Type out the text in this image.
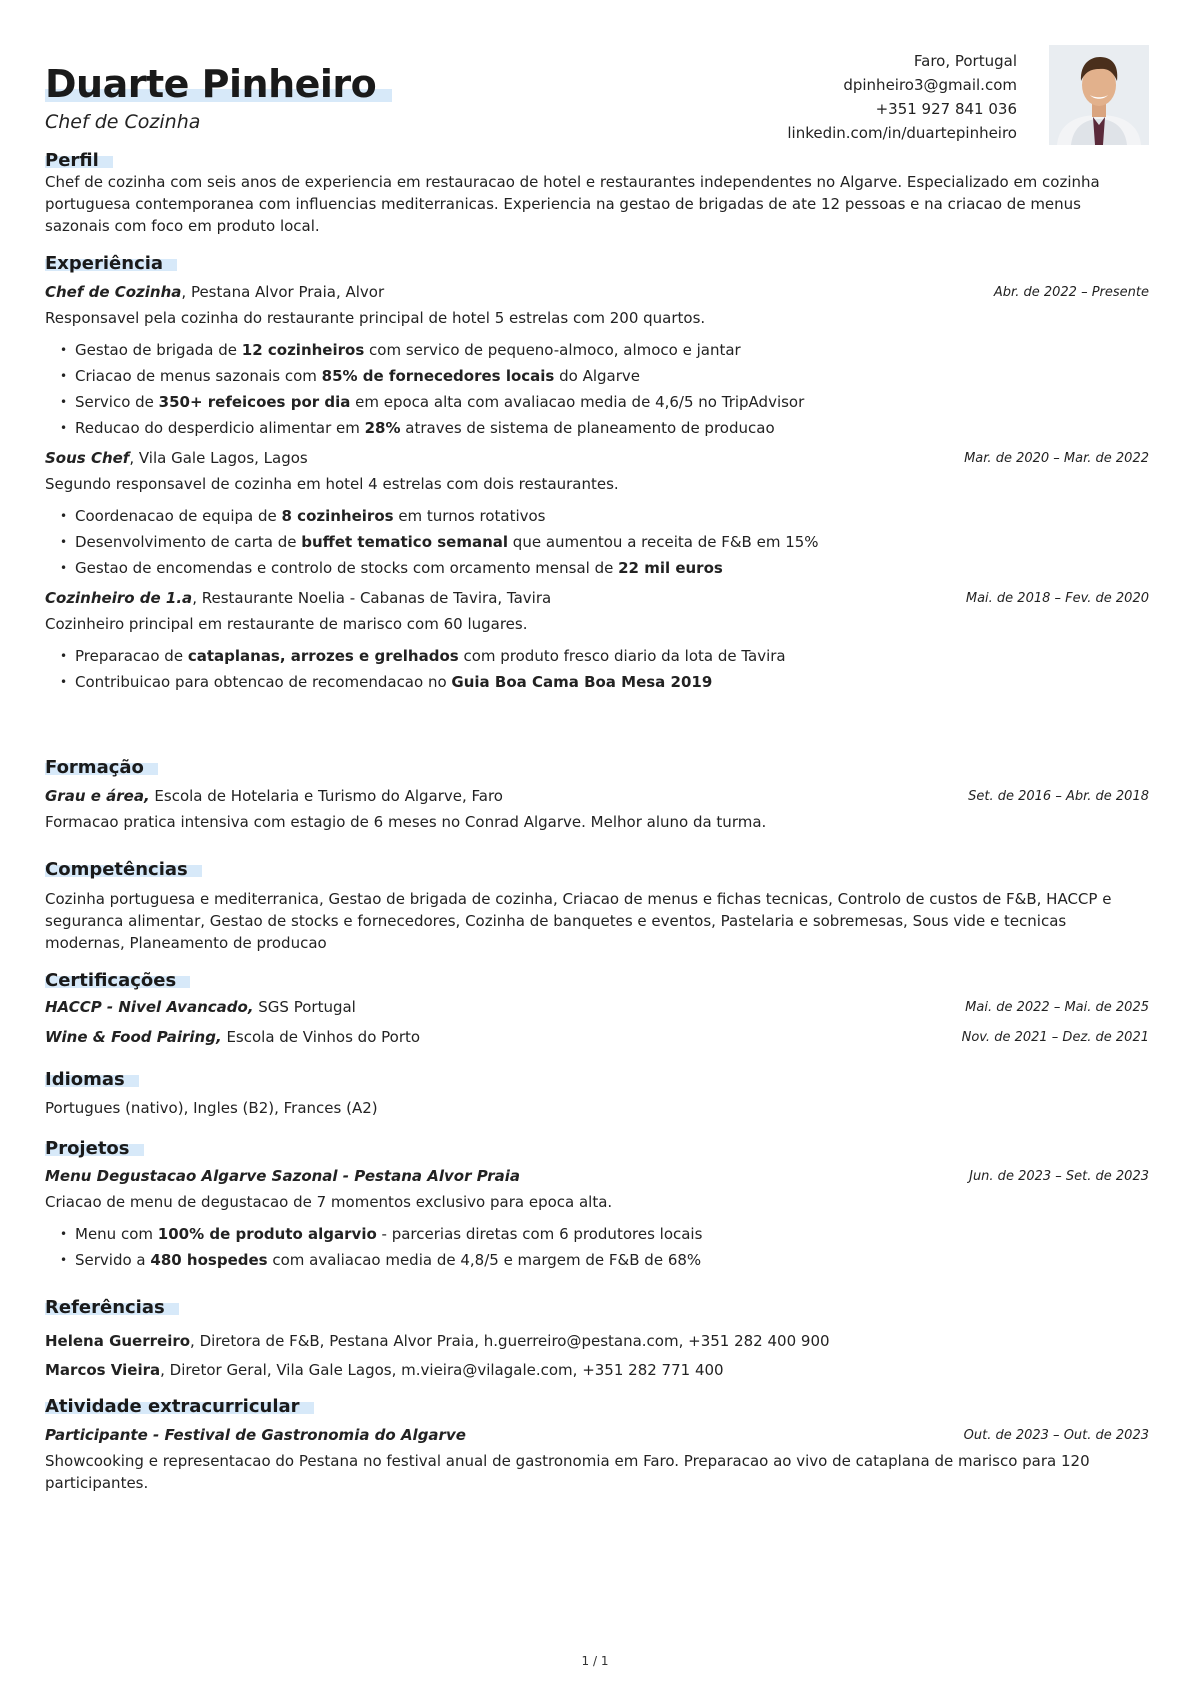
Duarte Pinheiro
Chef de Cozinha
Faro, Portugal
dpinheiro3@gmail.com
+351 927 841 036
linkedin.com/in/duartepinheiro
Perfil
Chef de cozinha com seis anos de experiencia em restauracao de hotel e restaurantes independentes no Algarve. Especializado em cozinha portuguesa contemporanea com influencias mediterranicas. Experiencia na gestao de brigadas de ate 12 pessoas e na criacao de menus sazonais com foco em produto local.
Experiência
Chef de Cozinha, Pestana Alvor Praia, Alvor	Abr. de 2022 – Presente
Responsavel pela cozinha do restaurante principal de hotel 5 estrelas com 200 quartos.
• Gestao de brigada de 12 cozinheiros com servico de pequeno-almoco, almoco e jantar
• Criacao de menus sazonais com 85% de fornecedores locais do Algarve
• Servico de 350+ refeicoes por dia em epoca alta com avaliacao media de 4,6/5 no TripAdvisor
• Reducao do desperdicio alimentar em 28% atraves de sistema de planeamento de producao
Sous Chef, Vila Gale Lagos, Lagos	Mar. de 2020 – Mar. de 2022
Segundo responsavel de cozinha em hotel 4 estrelas com dois restaurantes.
• Coordenacao de equipa de 8 cozinheiros em turnos rotativos
• Desenvolvimento de carta de buffet tematico semanal que aumentou a receita de F&B em 15%
• Gestao de encomendas e controlo de stocks com orcamento mensal de 22 mil euros
Cozinheiro de 1.a, Restaurante Noelia - Cabanas de Tavira, Tavira	Mai. de 2018 – Fev. de 2020
Cozinheiro principal em restaurante de marisco com 60 lugares.
• Preparacao de cataplanas, arrozes e grelhados com produto fresco diario da lota de Tavira
• Contribuicao para obtencao de recomendacao no Guia Boa Cama Boa Mesa 2019
Formação
Grau e área, Escola de Hotelaria e Turismo do Algarve, Faro	Set. de 2016 – Abr. de 2018
Formacao pratica intensiva com estagio de 6 meses no Conrad Algarve. Melhor aluno da turma.
Competências
Cozinha portuguesa e mediterranica, Gestao de brigada de cozinha, Criacao de menus e fichas tecnicas, Controlo de custos de F&B, HACCP e seguranca alimentar, Gestao de stocks e fornecedores, Cozinha de banquetes e eventos, Pastelaria e sobremesas, Sous vide e tecnicas modernas, Planeamento de producao
Certificações
HACCP - Nivel Avancado, SGS Portugal	Mai. de 2022 – Mai. de 2025
Wine & Food Pairing, Escola de Vinhos do Porto	Nov. de 2021 – Dez. de 2021
Idiomas
Portugues (nativo), Ingles (B2), Frances (A2)
Projetos
Menu Degustacao Algarve Sazonal - Pestana Alvor Praia	Jun. de 2023 – Set. de 2023
Criacao de menu de degustacao de 7 momentos exclusivo para epoca alta.
• Menu com 100% de produto algarvio - parcerias diretas com 6 produtores locais
• Servido a 480 hospedes com avaliacao media de 4,8/5 e margem de F&B de 68%
Referências
Helena Guerreiro, Diretora de F&B, Pestana Alvor Praia, h.guerreiro@pestana.com, +351 282 400 900
Marcos Vieira, Diretor Geral, Vila Gale Lagos, m.vieira@vilagale.com, +351 282 771 400
Atividade extracurricular
Participante - Festival de Gastronomia do Algarve	Out. de 2023 – Out. de 2023
Showcooking e representacao do Pestana no festival anual de gastronomia em Faro. Preparacao ao vivo de cataplana de marisco para 120 participantes.
1 / 1
